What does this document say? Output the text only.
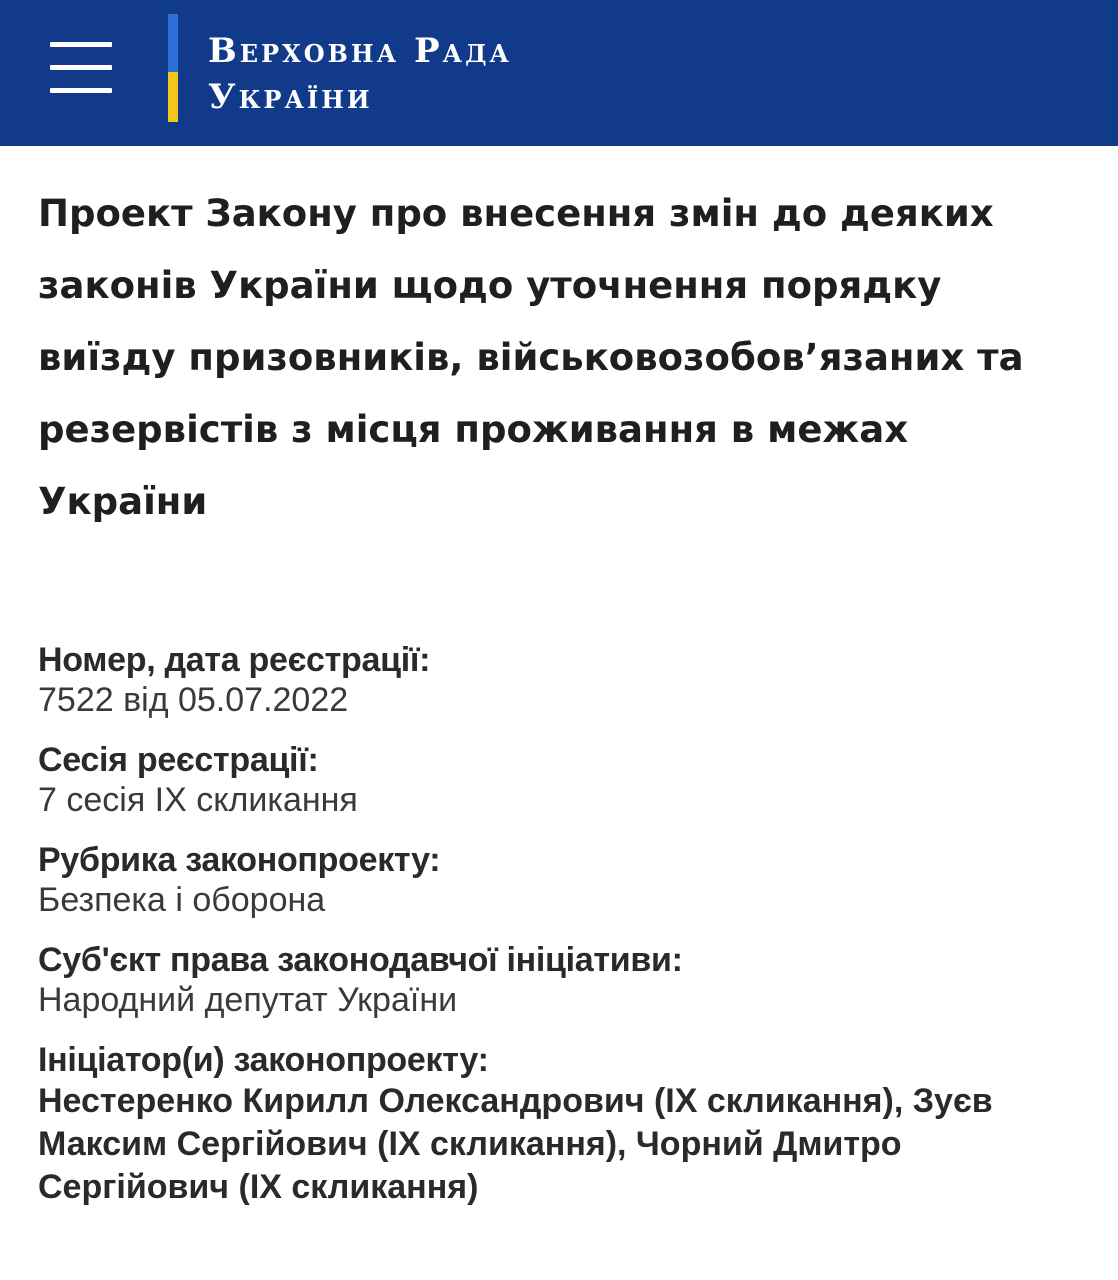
Верховна Рада
України
Проект Закону про внесення змін до деяких законів України щодо уточнення порядку виїзду призовників, військовозобов’язаних та резервістів з місця проживання в межах України
Номер, дата реєстрації:
7522 від 05.07.2022
Сесія реєстрації:
7 сесія IX скликання
Рубрика законопроекту:
Безпека і оборона
Суб'єкт права законодавчої ініціативи:
Народний депутат України
Ініціатор(и) законопроекту:
Нестеренко Кирилл Олександрович (IX скликання), Зуєв Максим Сергійович (IX скликання), Чорний Дмитро Сергійович (IX скликання)
